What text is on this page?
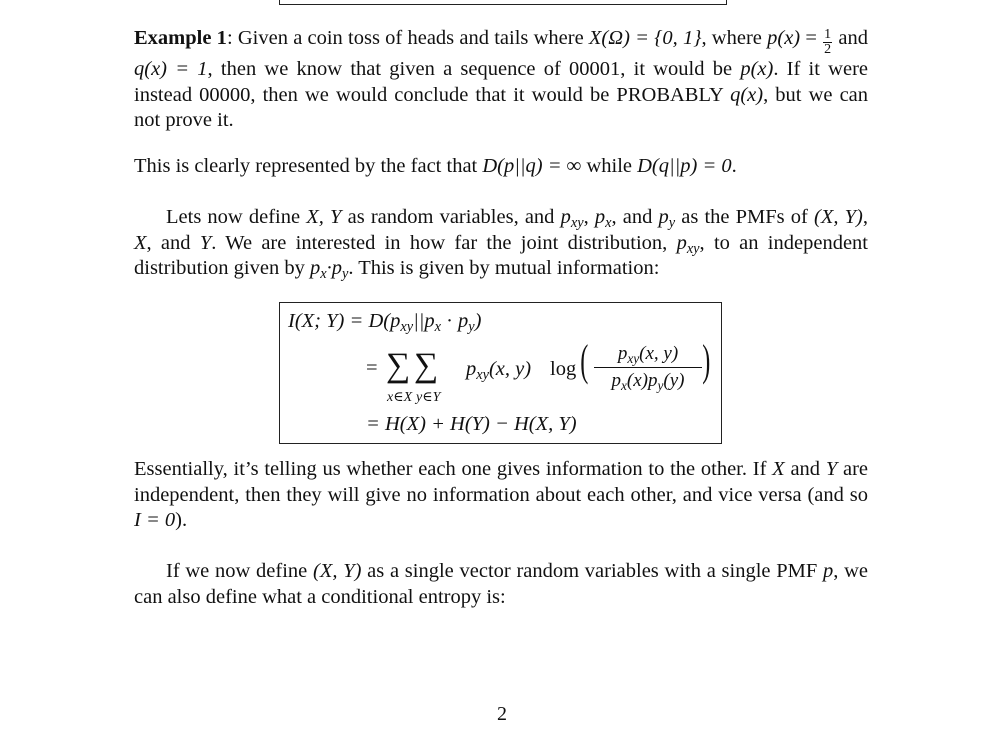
Example 1: Given a coin toss of heads and tails where X(Ω) = {0, 1}, where $p(x) = \frac{1}{2}$ and q(x) = 1, then we know that given a sequence of 00001, it would be p(x). If it were instead 00000, then we would conclude that it would be PROBABLY q(x), but we can not prove it.

This is clearly represented by the fact that D(p||q) = ∞ while D(q||p) = 0.

Lets now define X, Y as random variables, and $p_{xy}$, $p_x$, and $p_y$ as the PMFs of (X, Y), X, and Y. We are interested in how far the joint distribution, $p_{xy}$, to an independent distribution given by $p_x\cdot p_y$. This is given by mutual information:

I(X; $Y) = D(p_{xy}||p_x \cdot p_y)$
= ∑ ∑
x∈X y∈Y
$p_{xy}(x$, y) log (	$p_{xy}(x$, y)
$p_x(x)p_y(y)$ )
= H(X) + H(Y) − H(X, Y)

Essentially, it’s telling us whether each one gives information to the other. If X and Y are independent, then they will give no information about each other, and vice versa (and so I = 0).

If we now define (X, Y) as a single vector random variables with a single PMF p, we can also define what a conditional entropy is:

2
